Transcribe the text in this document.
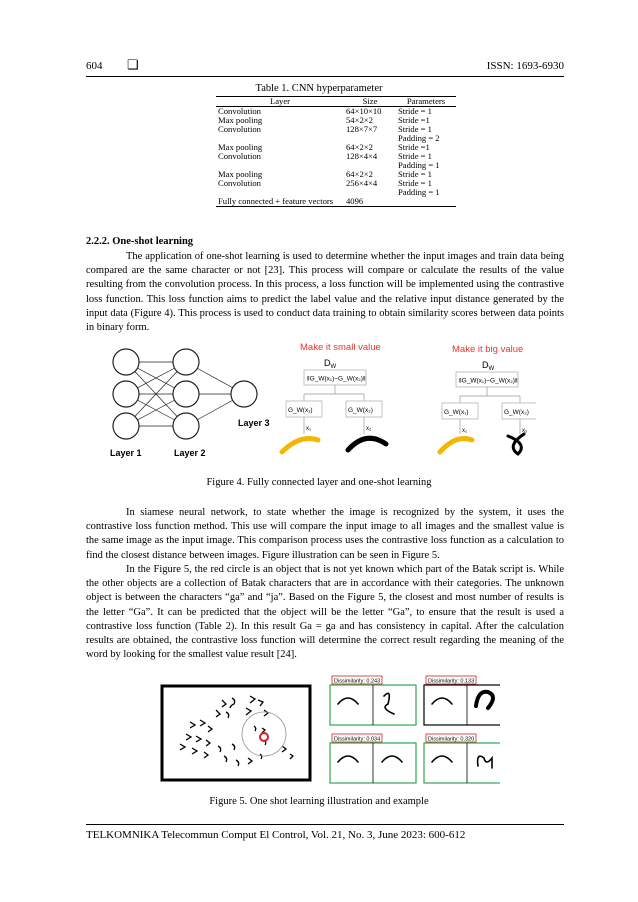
604 ❏	ISSN: 1693-6930
Table 1. CNN hyperparameter
Layer	Size	Parameters
Convolution	64×10×10	Stride = 1
Max pooling	54×2×2	Stride =1
Convolution	128×7×7	Stride = 1
		Padding = 2
Max pooling	64×2×2	Stride =1
Convolution	128×4×4	Stride = 1
		Padding = 1
Max pooling	64×2×2	Stride = 1
Convolution	256×4×4	Stride = 1
		Padding = 1
Fully connected + feature vectors	4096	
2.2.2. One-shot learning

The application of one-shot learning is used to determine whether the input images and train data being compared are the same character or not [23]. This process will compare or calculate the results of the value resulting from the convolution process. In this process, a loss function will be implemented using the contrastive loss function. This loss function aims to predict the label value and the relative input distance generated by the input data (Figure 4). This process is used to conduct data training to obtain similarity scores between data points in binary form.

Layer 1	Layer 2
Layer 3
Make it small value
$D_W$
‖G_W(x₁)−G_W(x₂)‖
G_W(x₁)	G_W(x₂)
x₁	x₂
Make it big value
$D_W$
‖G_W(x₁)−G_W(x₂)‖
G_W(x₁)	G_W(x₂)
x₁	x₂
Figure 4. Fully connected layer and one-shot learning

In siamese neural network, to state whether the image is recognized by the system, it uses the contrastive loss function method. This use will compare the input image to all images and the smallest value is the same image as the input image. This comparison process uses the contrastive loss function as a calculation to find the closest distance between images. Figure illustration can be seen in Figure 5.

In the Figure 5, the red circle is an object that is not yet known which part of the Batak script is. While the other objects are a collection of Batak characters that are in accordance with their categories. The unknown object is between the characters “ga” and “ja”. Based on the Figure 5, the closest and most number of results is the letter “Ga”. It can be predicted that the object will be the letter “Ga”, to ensure that the result is used a contrastive loss function (Table 2). In this result Ga = ga and has consistency in capital. After the calculation results are obtained, the contrastive loss function will determine the correct result regarding the meaning of the word by looking for the smallest value result [24].

Dissimilarity: 0.243	Dissimilarity: 0.133
Dissimilarity: 0.034	Dissimilarity: 0.320
Figure 5. One shot learning illustration and example
TELKOMNIKA Telecommun Comput El Control, Vol. 21, No. 3, June 2023: 600-612
